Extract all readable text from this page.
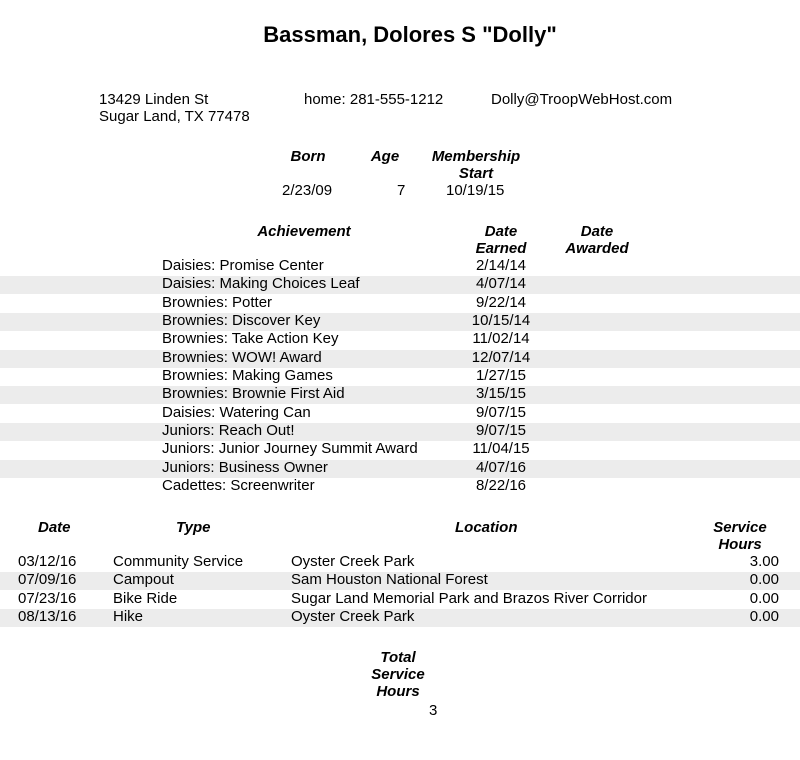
Bassman, Dolores S "Dolly"
13429 Linden St
Sugar Land, TX 77478
home: 281-555-1212	Dolly@TroopWebHost.com
Born	Age	Membership
Start
2/23/09	7	10/19/15
Achievement	Date
Earned
Date
Awarded
Daisies: Promise Center	2/14/14
Daisies: Making Choices Leaf	4/07/14
Brownies: Potter	9/22/14
Brownies: Discover Key	10/15/14
Brownies: Take Action Key	11/02/14
Brownies: WOW! Award	12/07/14
Brownies: Making Games	1/27/15
Brownies: Brownie First Aid	3/15/15
Daisies: Watering Can	9/07/15
Juniors: Reach Out!	9/07/15
Juniors: Junior Journey Summit Award	11/04/15
Juniors: Business Owner	4/07/16
Cadettes: Screenwriter	8/22/16
Date	Type	Location	Service
Hours
03/12/16 Community Service	Oyster Creek Park	3.00
07/09/16 Campout	Sam Houston National Forest	0.00
07/23/16 Bike Ride	Sugar Land Memorial Park and Brazos River Corridor	0.00
08/13/16 Hike	Oyster Creek Park	0.00
Total
Service
Hours
3
